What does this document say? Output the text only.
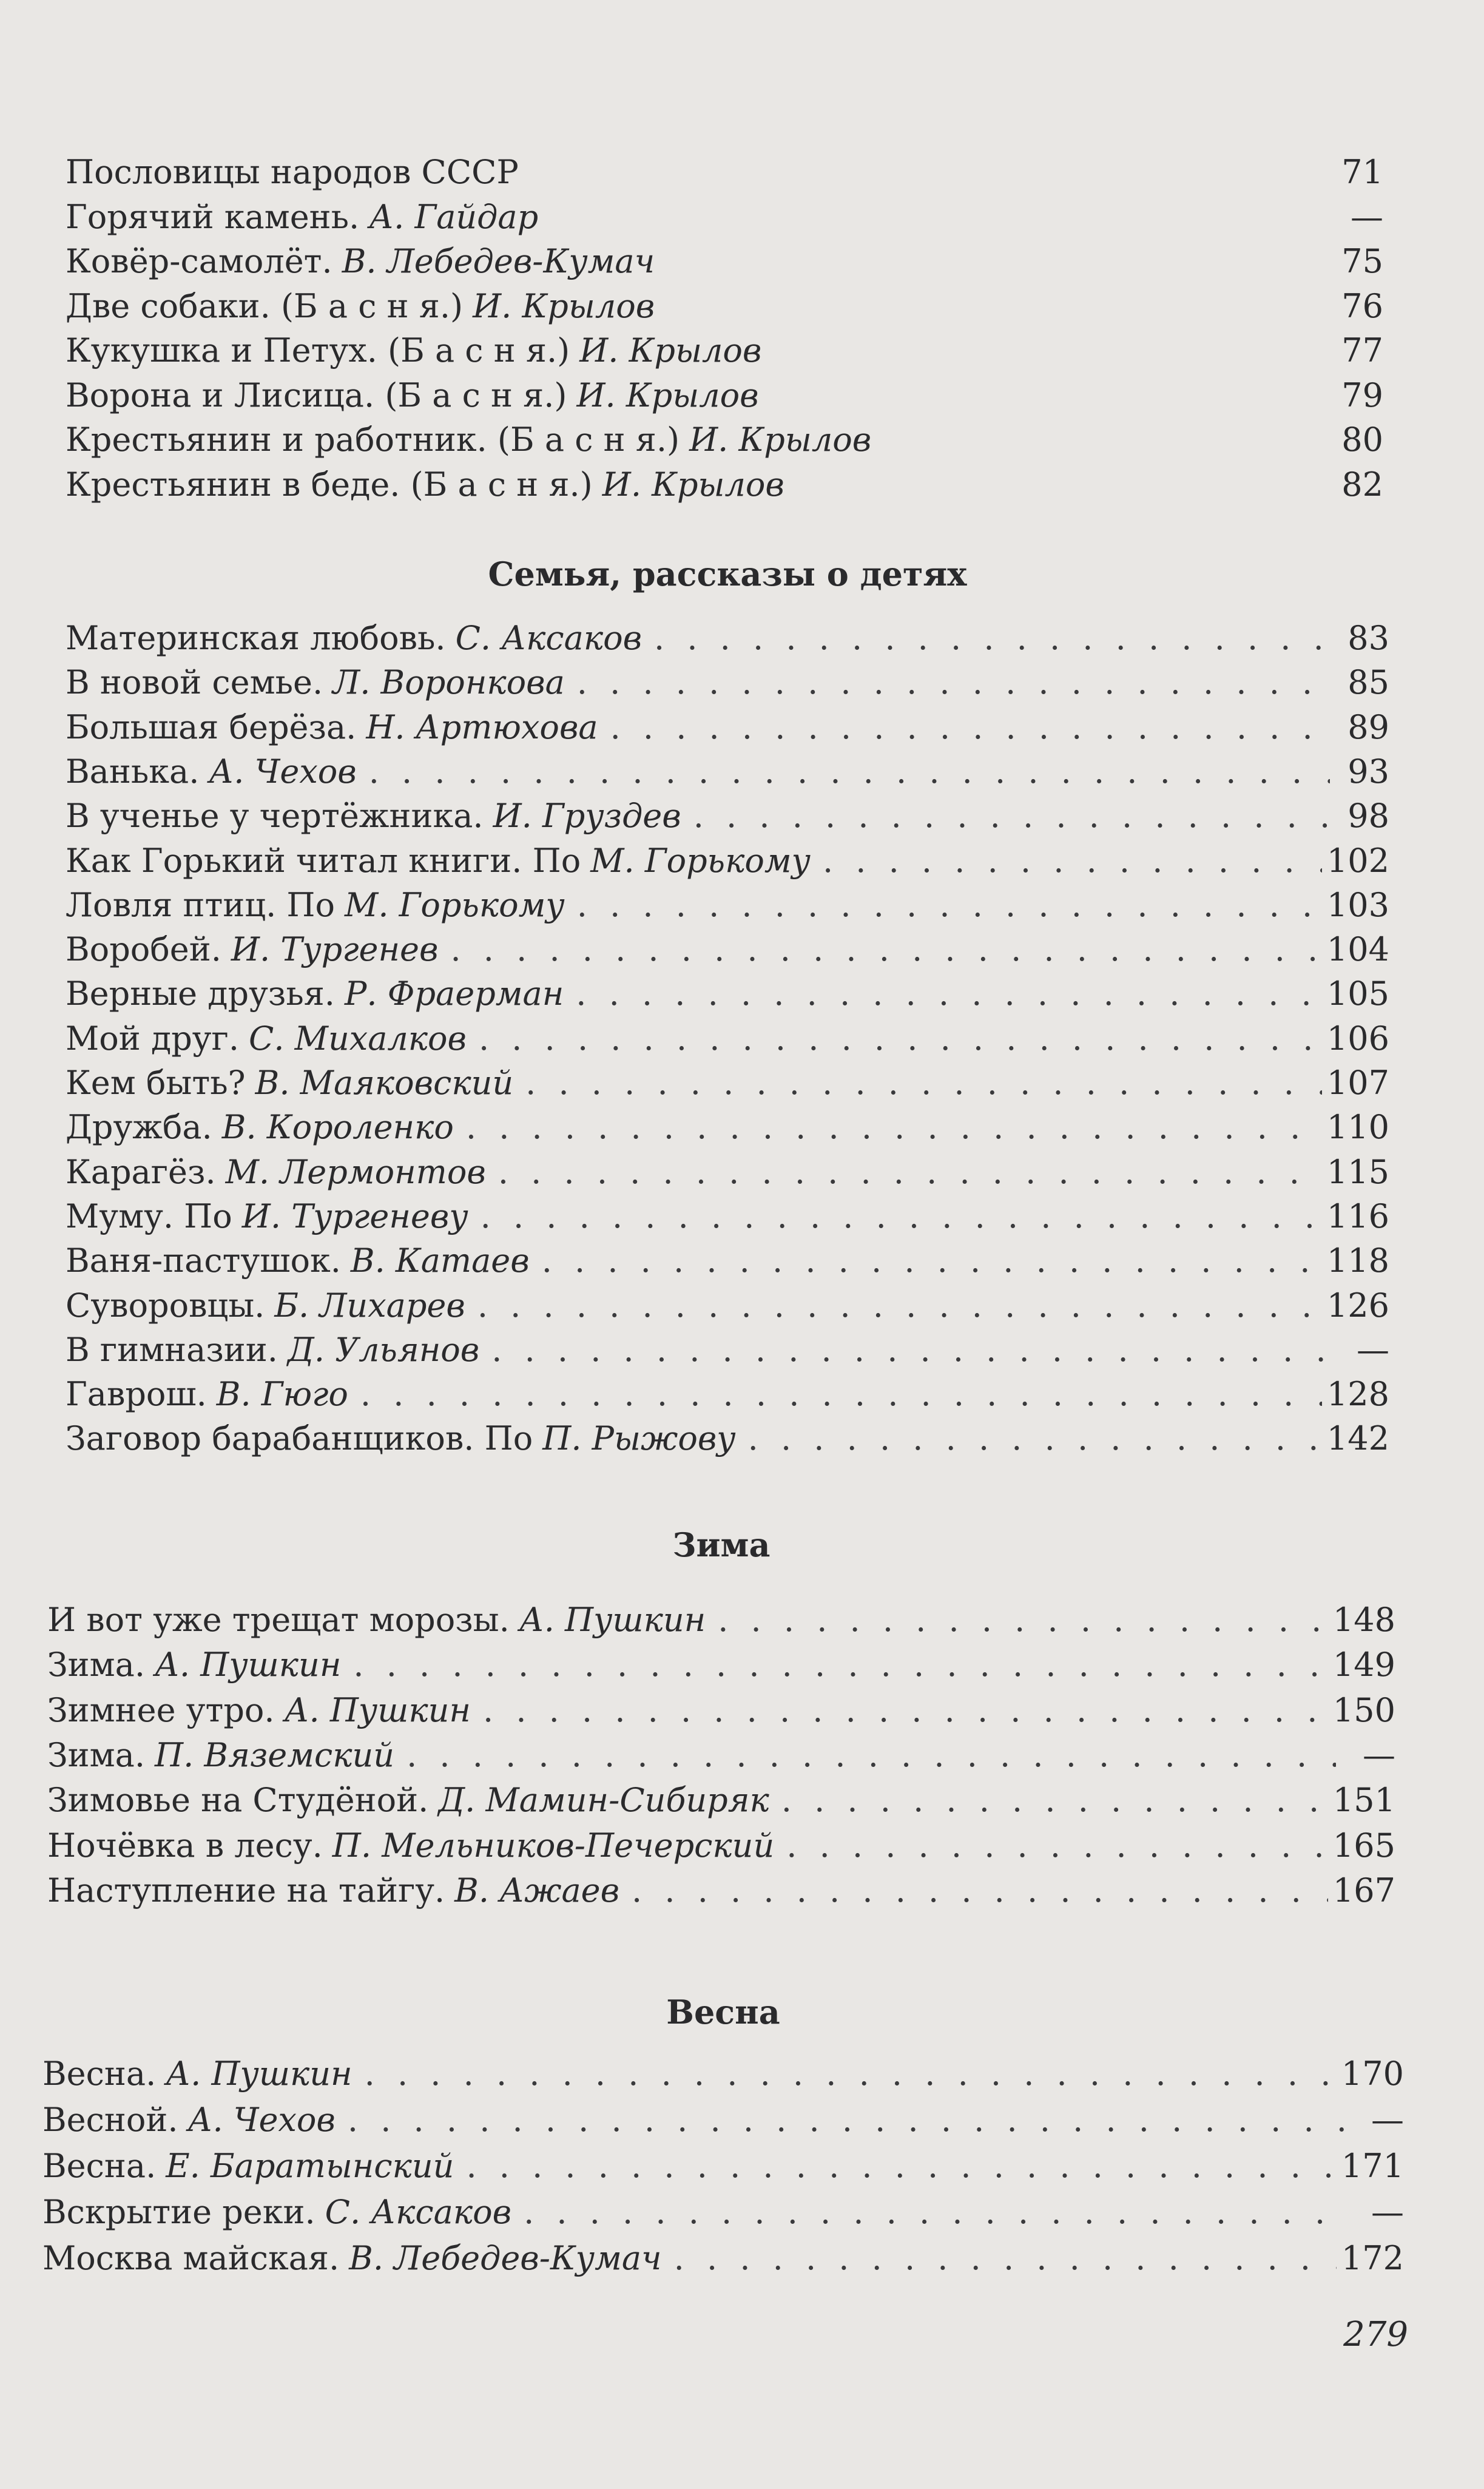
279
Пословицы народов СССР	71
Горячий камень. А. Гайдар	—
Ковёр-самолёт. В. Лебедев-Кумач	75
Две собаки. (Б а с н я.) И. Крылов	76
Кукушка и Петух. (Б а с н я.) И. Крылов	77
Ворона и Лисица. (Б а с н я.) И. Крылов	79
Крестьянин и работник. (Б а с н я.) И. Крылов	80
Крестьянин в беде. (Б а с н я.) И. Крылов	82
Семья, рассказы о детях
Материнская любовь. С. Аксаков . . .	83
В новой семье. Л. Воронкова . . .	85
Большая берёза. Н. Артюхова . . .	89
Ванька. А. Чехов . . .	93
В ученье у чертёжника. И. Груздев . . .	98
Как Горький читал книги. По М. Горькому . . .	102
Ловля птиц. По М. Горькому . . .	103
Воробей. И. Тургенев . . .	104
Верные друзья. Р. Фраерман . . .	105
Мой друг. С. Михалков . . .	106
Кем быть? В. Маяковский . . .	107
Дружба. В. Короленко . . .	110
Карагёз. М. Лермонтов . . .	115
Муму. По И. Тургеневу . . .	116
Ваня-пастушок. В. Катаев . . .	118
Суворовцы. Б. Лихарев . . .	126
В гимназии. Д. Ульянов . . .	—
Гаврош. В. Гюго . . .	128
Заговор барабанщиков. По П. Рыжову . . .	142
Зима
И вот уже трещат морозы. А. Пушкин . . .	148
Зима. А. Пушкин . . .	149
Зимнее утро. А. Пушкин . . .	150
Зима. П. Вяземский . . .	—
Зимовье на Студёной. Д. Мамин-Сибиряк . . .	151
Ночёвка в лесу. П. Мельников-Печерский . . .	165
Наступление на тайгу. В. Ажаев . . .	167
Весна
Весна. А. Пушкин . . .	170
Весной. А. Чехов . . .	—
Весна. Е. Баратынский . . .	171
Вскрытие реки. С. Аксаков . . .	—
Москва майская. В. Лебедев-Кумач . . .	172
